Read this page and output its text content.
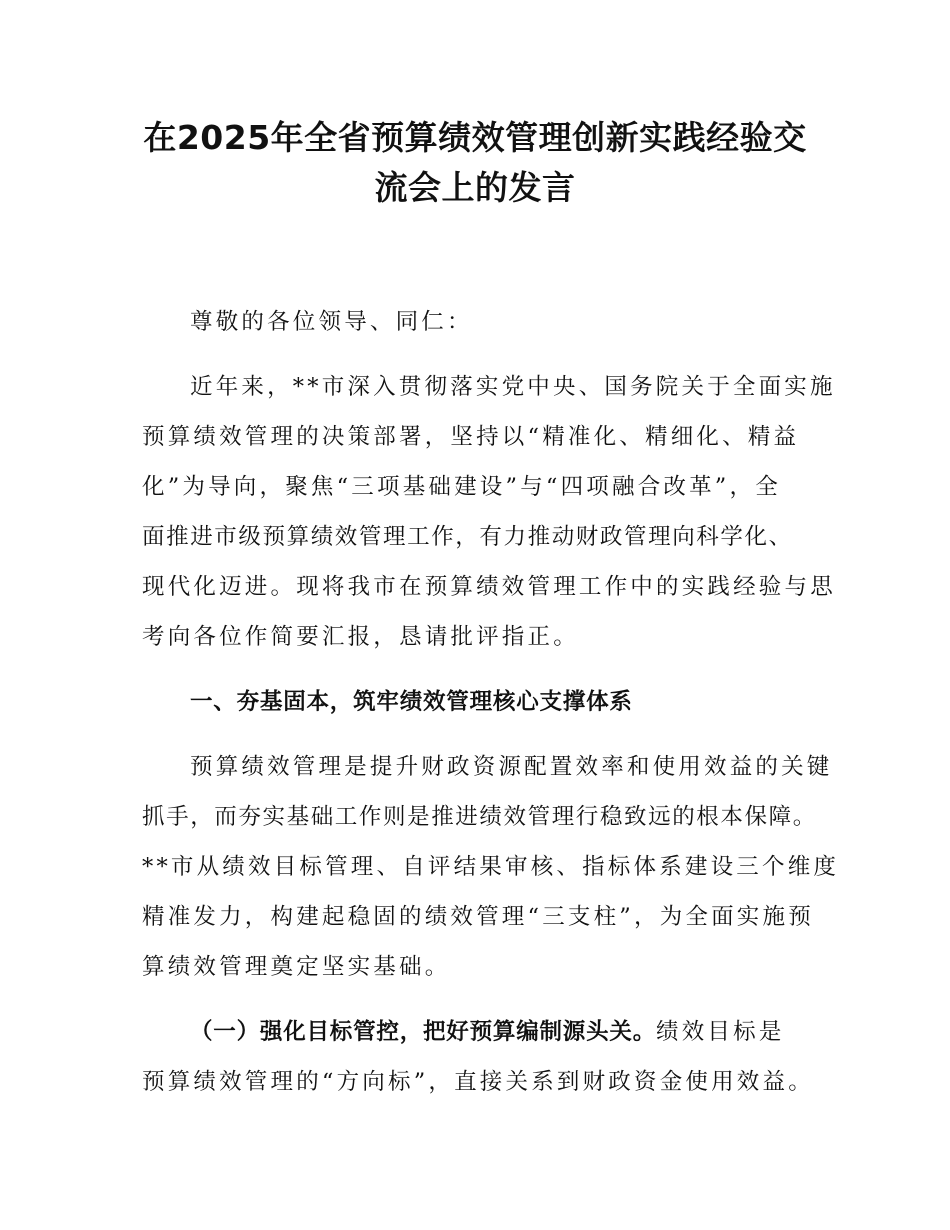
在2025年全省预算绩效管理创新实践经验交
流会上的发言
尊敬的各位领导、同仁：
近年来，**市深入贯彻落实党中央、国务院关于全面实施
预算绩效管理的决策部署，坚持以“精准化、精细化、精益
化”为导向，聚焦“三项基础建设”与“四项融合改革”，全
面推进市级预算绩效管理工作，有力推动财政管理向科学化、
现代化迈进。现将我市在预算绩效管理工作中的实践经验与思
考向各位作简要汇报，恳请批评指正。
一、夯基固本，筑牢绩效管理核心支撑体系
预算绩效管理是提升财政资源配置效率和使用效益的关键
抓手，而夯实基础工作则是推进绩效管理行稳致远的根本保障。
**市从绩效目标管理、自评结果审核、指标体系建设三个维度
精准发力，构建起稳固的绩效管理“三支柱”，为全面实施预
算绩效管理奠定坚实基础。
（一）强化目标管控，把好预算编制源头关。绩效目标是
预算绩效管理的“方向标”，直接关系到财政资金使用效益。
